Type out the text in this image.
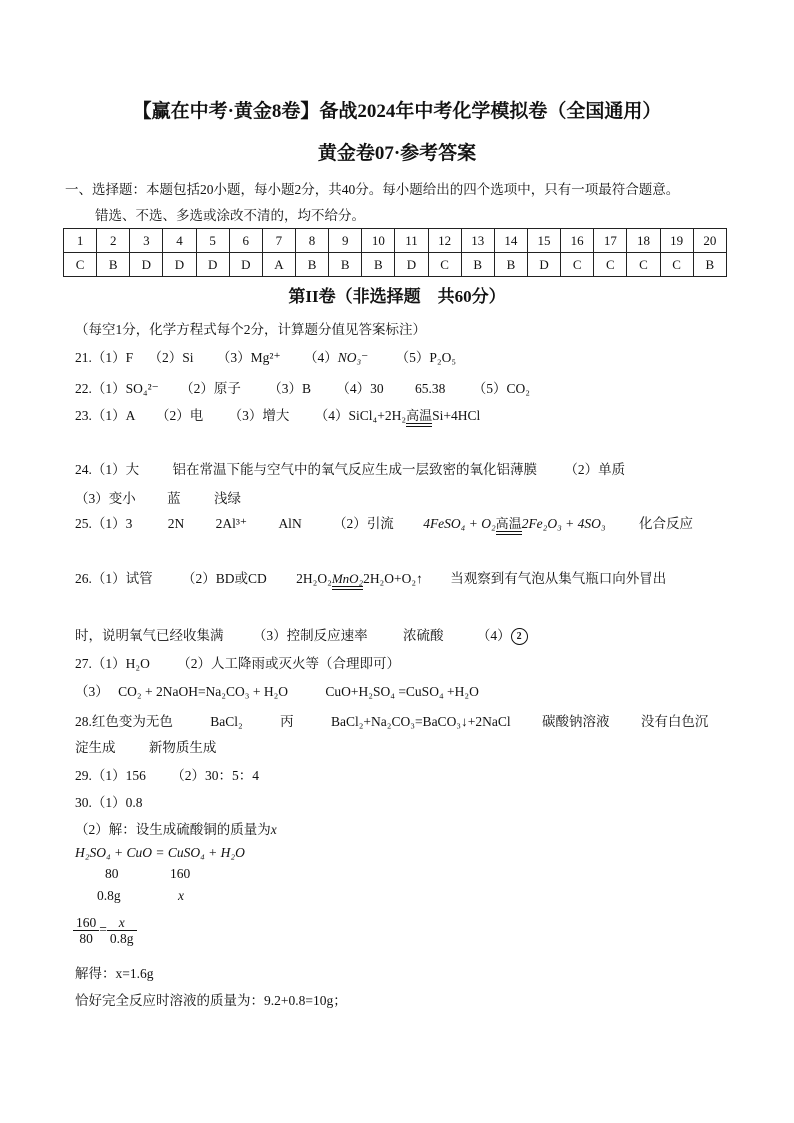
【赢在中考·黄金8卷】备战2024年中考化学模拟卷（全国通用）
黄金卷07·参考答案
一、选择题：本题包括20小题，每小题2分，共40分。每小题给出的四个选项中，只有一项最符合题意。
错选、不选、多选或涂改不清的，均不给分。
1	2	3	4	5	6	7	8	9	10	11	12	13	14	15	16	17	18	19	20
C	B	D	D	D	D	A	B	B	B	D	C	B	B	D	C	C	C	C	B
第II卷（非选择题　共60分）
（每空1分，化学方程式每个2分，计算题分值见答案标注）
21.（1）F （2）Si （3）Mg²⁺ （4）NO₃⁻ （5）P₂O₅
22.（1）SO₄²⁻ （2）原子 （3）B （4）30 65.38 （5）CO₂
23.（1）A （2）电 （3）增大 （4）SiCl₄+2H₂ 高温 Si+4HCl
24.（1）大 铝在常温下能与空气中的氧气反应生成一层致密的氧化铝薄膜 （2）单质
（3）变小 蓝 浅绿
25.（1）3	2N 2Al³⁺ AlN （2）引流 4FeSO₄ + O₂ 高温 2Fe₂O₃ + 4SO₃ 化合反应
26.（1）试管 （2）BD或CD 2H₂O₂ MnO₂ 2H₂O+O₂↑ 当观察到有气泡从集气瓶口向外冒出
时，说明氧气已经收集满 （3）控制反应速率	浓硫酸 （4） 2
27.（1）H₂O （2）人工降雨或灭火等（合理即可）
（3） CO₂ + 2NaOH=Na₂CO₃ + H₂O	CuO+H₂SO₄ =CuSO₄ +H₂O
28.红色变为无色	BaCl₂	丙	BaCl₂+Na₂CO₃=BaCO₃↓+2NaCl 碳酸钠溶液 没有白色沉
淀生成 新物质生成
29.（1）156 （2）30：5：4
30.（1）0.8
（2）解：设生成硫酸铜的质量为x
H₂SO₄ + CuO = CuSO₄ + H₂O
80	160
0.8g	x
$\frac{160}{80} = \frac{x}{0.8g}$
解得：x=1.6g
恰好完全反应时溶液的质量为：9.2+0.8=10g；
